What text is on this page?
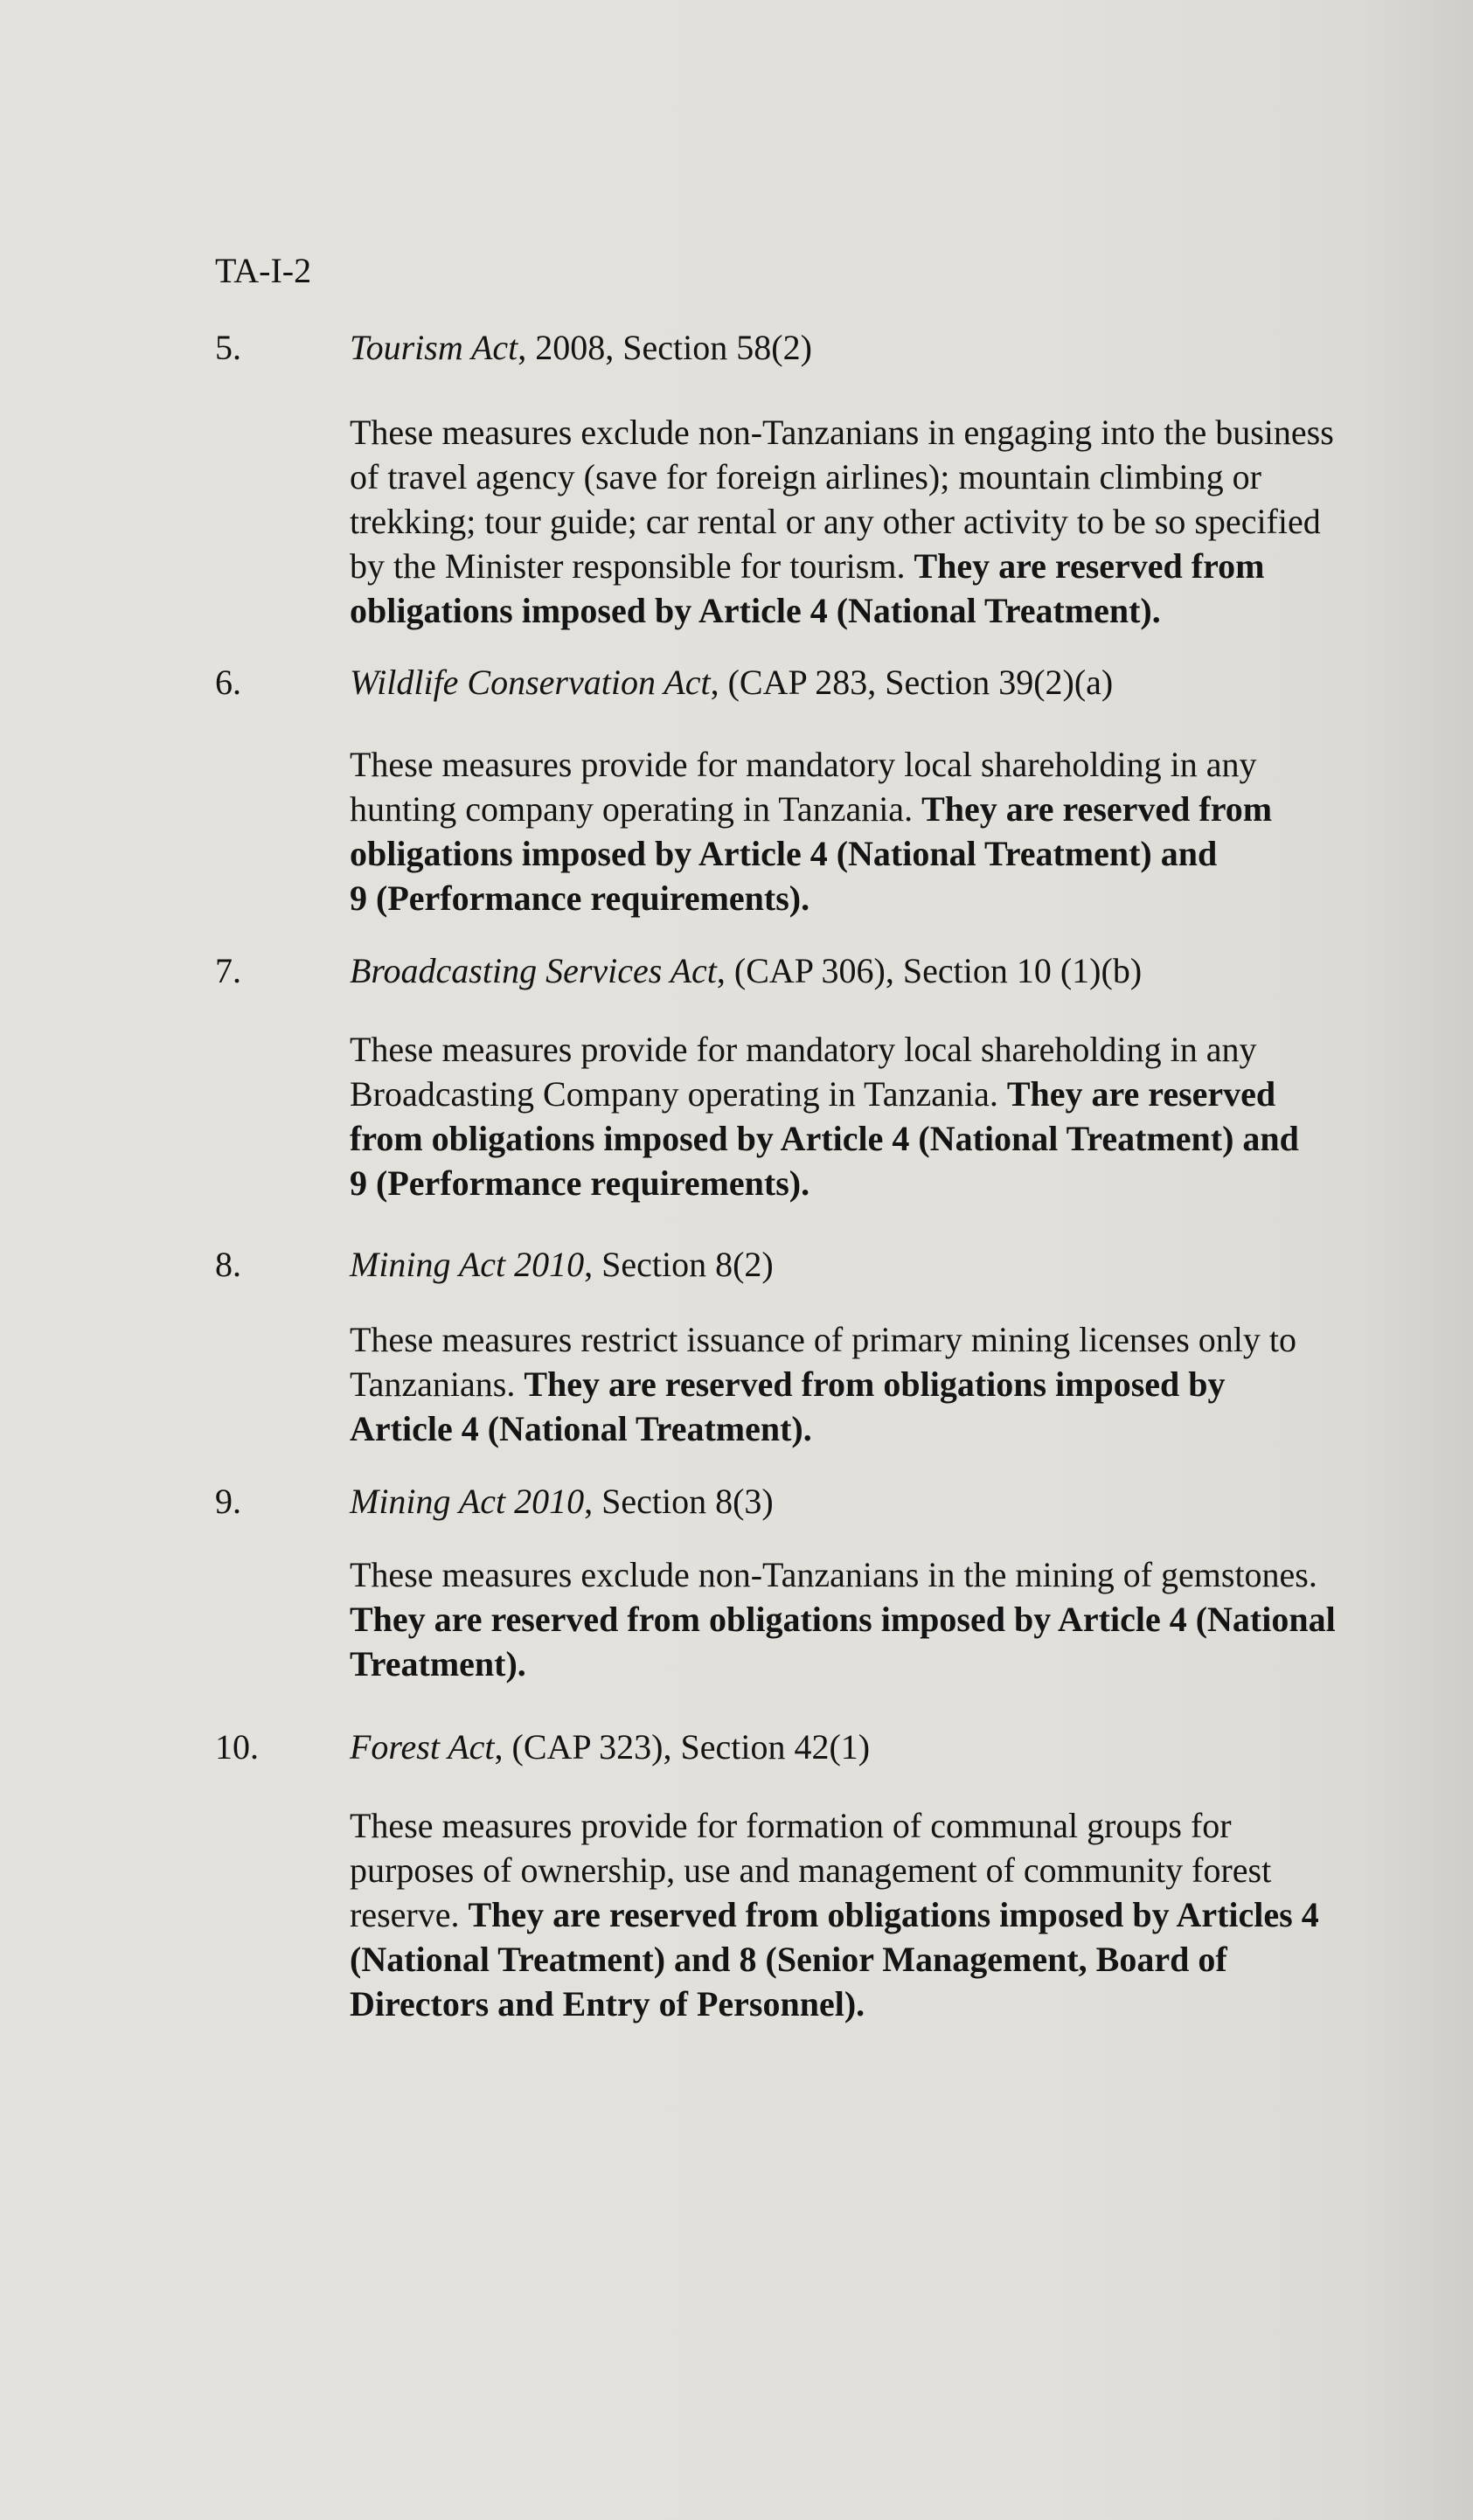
TA-I-2
5.	Tourism Act, 2008, Section 58(2)
These measures exclude non-Tanzanians in engaging into the business
of travel agency (save for foreign airlines); mountain climbing or
trekking; tour guide; car rental or any other activity to be so specified
by the Minister responsible for tourism. They are reserved from
obligations imposed by Article 4 (National Treatment).
6.	Wildlife Conservation Act, (CAP 283, Section 39(2)(a)
These measures provide for mandatory local shareholding in any
hunting company operating in Tanzania. They are reserved from
obligations imposed by Article 4 (National Treatment) and
9 (Performance requirements).
7.	Broadcasting Services Act, (CAP 306), Section 10 (1)(b)
These measures provide for mandatory local shareholding in any
Broadcasting Company operating in Tanzania. They are reserved
from obligations imposed by Article 4 (National Treatment) and
9 (Performance requirements).
8.	Mining Act 2010, Section 8(2)
These measures restrict issuance of primary mining licenses only to
Tanzanians. They are reserved from obligations imposed by
Article 4 (National Treatment).
9.	Mining Act 2010, Section 8(3)
These measures exclude non-Tanzanians in the mining of gemstones.
They are reserved from obligations imposed by Article 4 (National
Treatment).
10.	Forest Act, (CAP 323), Section 42(1)
These measures provide for formation of communal groups for
purposes of ownership, use and management of community forest
reserve. They are reserved from obligations imposed by Articles 4
(National Treatment) and 8 (Senior Management, Board of
Directors and Entry of Personnel).
